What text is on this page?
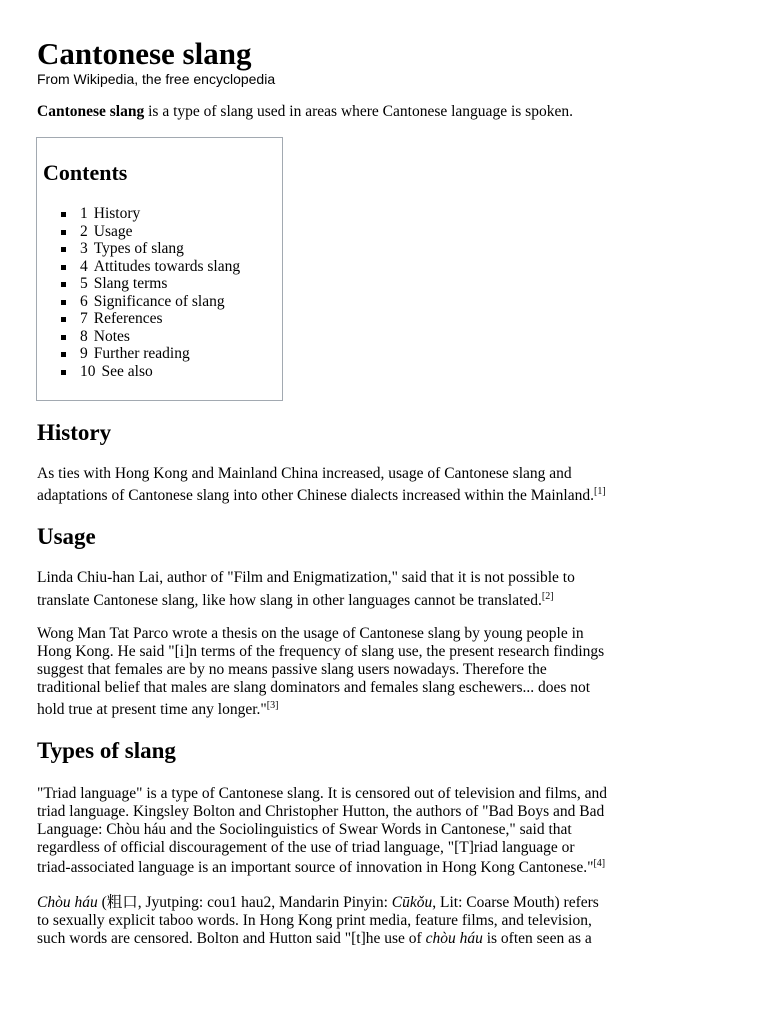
Cantonese slang
From Wikipedia, the free encyclopedia

Cantonese slang is a type of slang used in areas where Cantonese language is spoken.

Contents
1 History
2 Usage
3 Types of slang
4 Attitudes towards slang
5 Slang terms
6 Significance of slang
7 References
8 Notes
9 Further reading
10 See also
History
As ties with Hong Kong and Mainland China increased, usage of Cantonese slang and
adaptations of Cantonese slang into other Chinese dialects increased within the Mainland.[1]
Usage
Linda Chiu-han Lai, author of "Film and Enigmatization," said that it is not possible to
translate Cantonese slang, like how slang in other languages cannot be translated.[2]
Wong Man Tat Parco wrote a thesis on the usage of Cantonese slang by young people in
Hong Kong. He said "[i]n terms of the frequency of slang use, the present research findings
suggest that females are by no means passive slang users nowadays. Therefore the
traditional belief that males are slang dominators and females slang eschewers... does not
hold true at present time any longer."[3]
Types of slang
"Triad language" is a type of Cantonese slang. It is censored out of television and films, and
triad language. Kingsley Bolton and Christopher Hutton, the authors of "Bad Boys and Bad
Language: Chòu háu and the Sociolinguistics of Swear Words in Cantonese," said that
regardless of official discouragement of the use of triad language, "[T]riad language or
triad-associated language is an important source of innovation in Hong Kong Cantonese."[4]
Chòu háu (粗口, Jyutping: cou1 hau2, Mandarin Pinyin: Cūkǒu, Lit: Coarse Mouth) refers
to sexually explicit taboo words. In Hong Kong print media, feature films, and television,
such words are censored. Bolton and Hutton said "[t]he use of chòu háu is often seen as a
